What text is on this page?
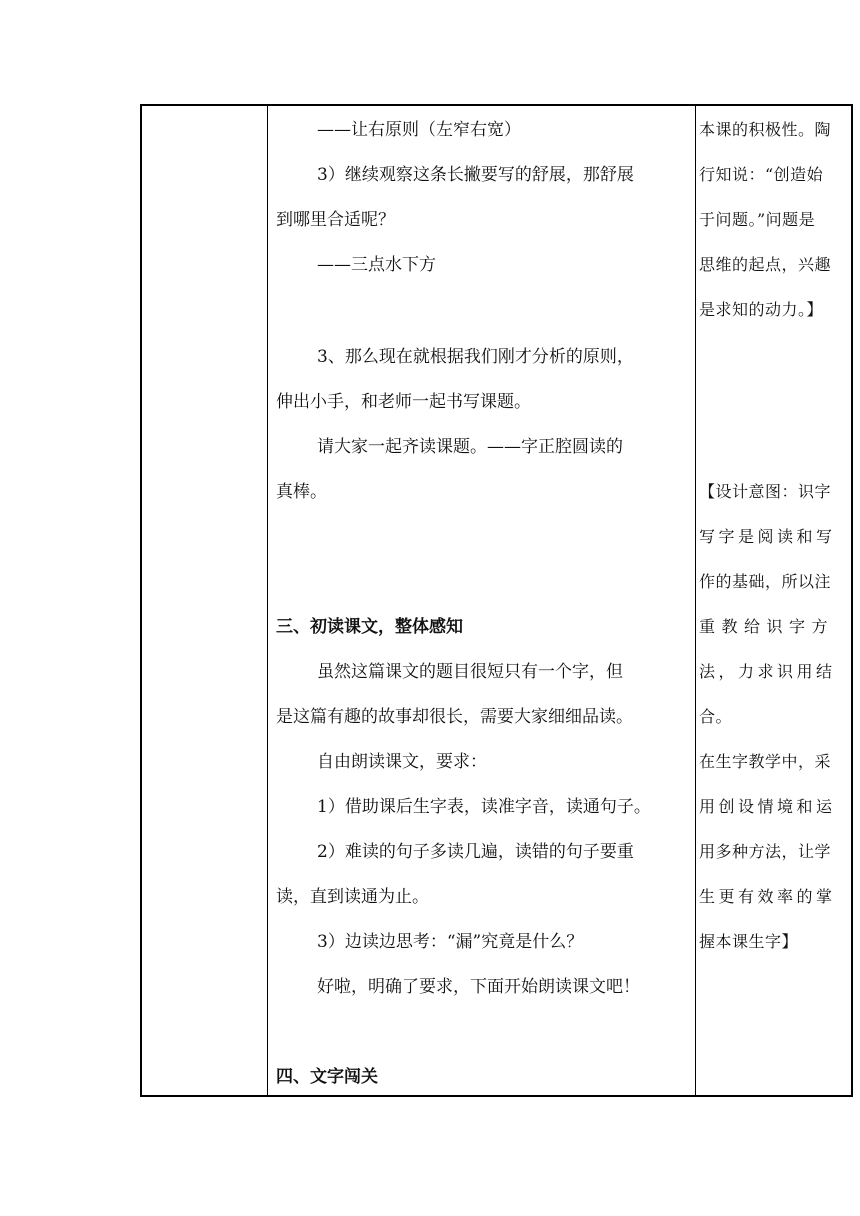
——让右原则（左窄右宽）
3）继续观察这条长撇要写的舒展，那舒展
到哪里合适呢？
——三点水下方
3、那么现在就根据我们刚才分析的原则，
伸出小手，和老师一起书写课题。
请大家一起齐读课题。——字正腔圆读的
真棒。
三、初读课文，整体感知
虽然这篇课文的题目很短只有一个字，但
是这篇有趣的故事却很长，需要大家细细品读。
自由朗读课文，要求：
1）借助课后生字表，读准字音，读通句子。
2）难读的句子多读几遍，读错的句子要重
读，直到读通为止。
3）边读边思考：“漏”究竟是什么？
好啦，明确了要求，下面开始朗读课文吧！
四、文字闯关
本课的积极性。陶
行知说：“创造始
于问题。”问题是
思维的起点，兴趣
是求知的动力。】
【设计意图：识字
写字是阅读和写
作的基础，所以注
重教给识字方
法，力求识用结
合。
在生字教学中，采
用创设情境和运
用多种方法，让学
生更有效率的掌
握本课生字】
